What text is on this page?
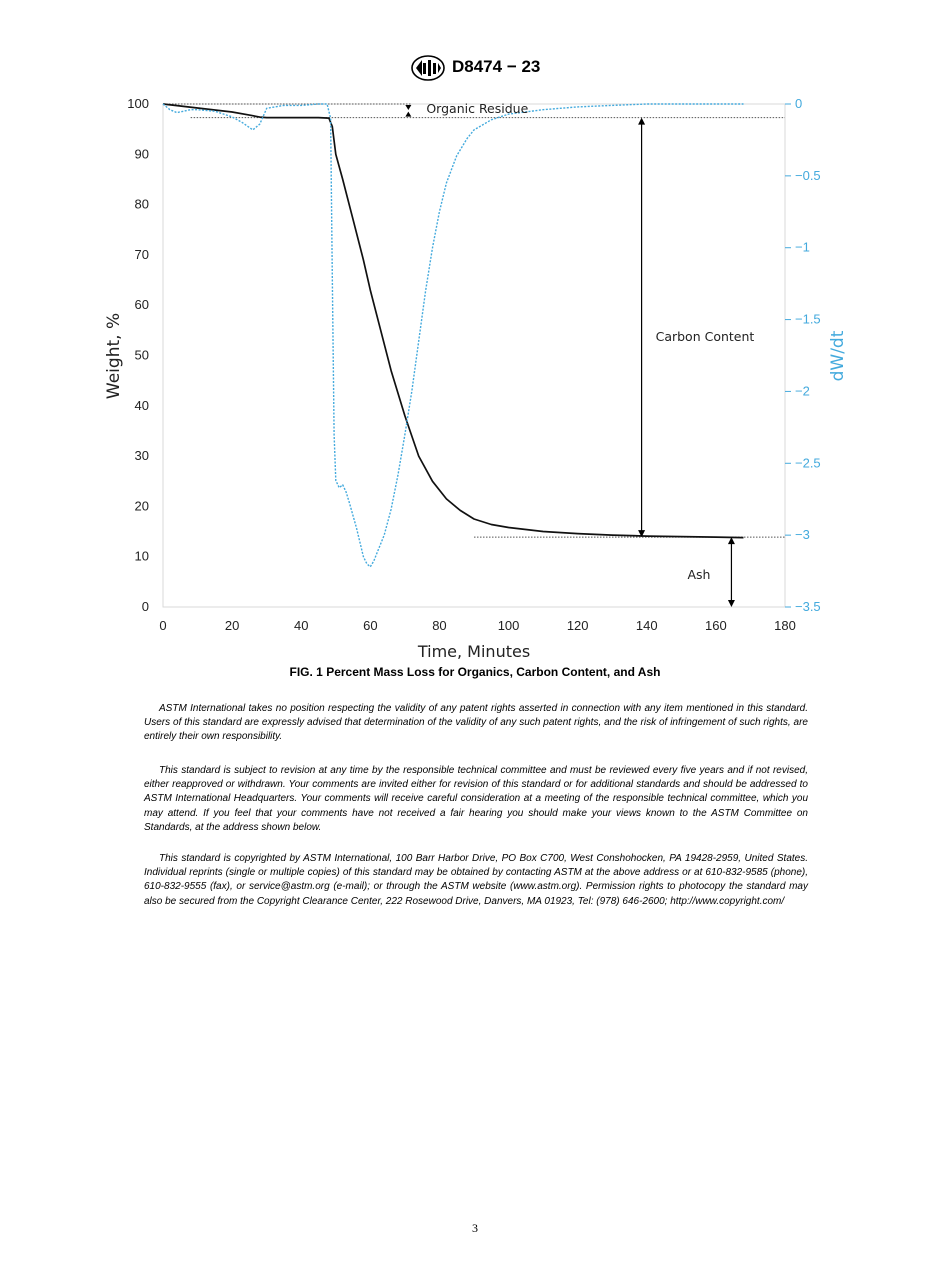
D8474 − 23
0	20	40	60	80	100	120	140	160	180
0
10
20
30
40
50
60
70
80
90
100	0
−0.5
−1
−1.5
−2
−2.5
−3
−3.5
Time, Minutes
Weight, %	dW/dt
Organic Residue
Carbon Content
Ash
FIG. 1 Percent Mass Loss for Organics, Carbon Content, and Ash

ASTM International takes no position respecting the validity of any patent rights asserted in connection with any item mentioned in this standard. Users of this standard are expressly advised that determination of the validity of any such patent rights, and the risk of infringement of such rights, are entirely their own responsibility.

This standard is subject to revision at any time by the responsible technical committee and must be reviewed every five years and if not revised, either reapproved or withdrawn. Your comments are invited either for revision of this standard or for additional standards and should be addressed to ASTM International Headquarters. Your comments will receive careful consideration at a meeting of the responsible technical committee, which you may attend. If you feel that your comments have not received a fair hearing you should make your views known to the ASTM Committee on Standards, at the address shown below.

This standard is copyrighted by ASTM International, 100 Barr Harbor Drive, PO Box C700, West Conshohocken, PA 19428-2959, United States. Individual reprints (single or multiple copies) of this standard may be obtained by contacting ASTM at the above address or at 610-832-9585 (phone), 610-832-9555 (fax), or service@astm.org (e-mail); or through the ASTM website (www.astm.org). Permission rights to photocopy the standard may also be secured from the Copyright Clearance Center, 222 Rosewood Drive, Danvers, MA 01923, Tel: (978) 646-2600; http://www.copyright.com/

3
